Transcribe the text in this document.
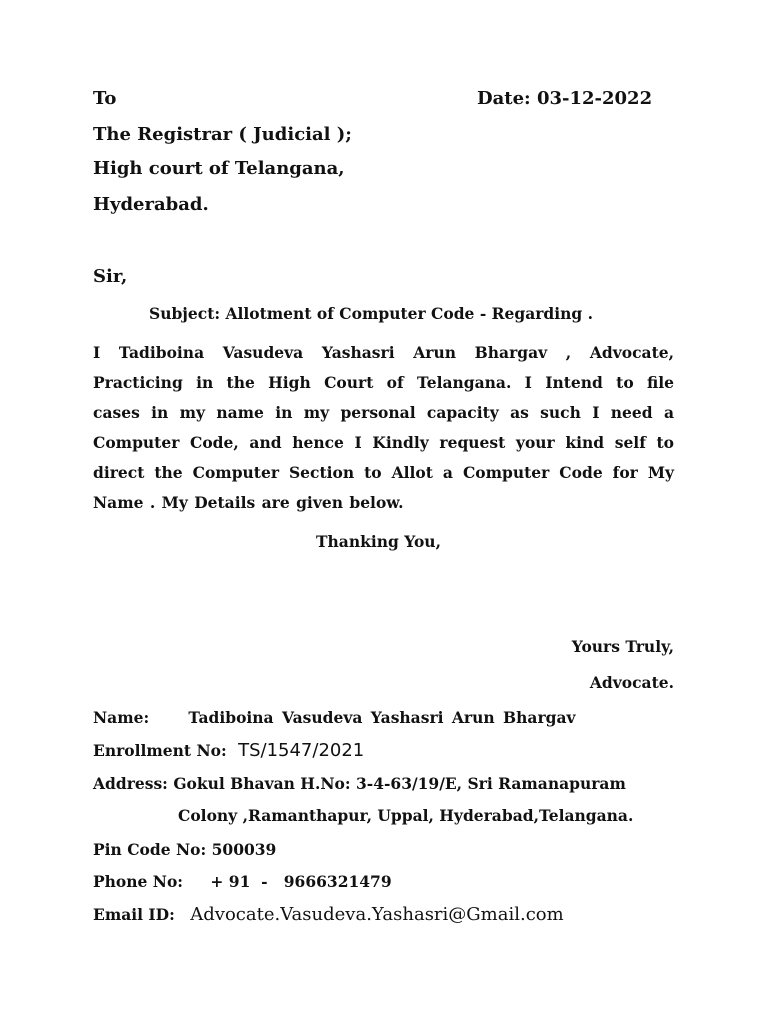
To	Date: 03-12-2022
The Registrar ( Judicial );
High court of Telangana,
Hyderabad.
Sir,
Subject: Allotment of Computer Code - Regarding .
I Tadiboina Vasudeva Yashasri Arun Bhargav , Advocate,
Practicing in the High Court of Telangana. I Intend to file
cases in my name in my personal capacity as such I need a
Computer Code, and hence I Kindly request your kind self to
direct the Computer Section to Allot a Computer Code for My
Name . My Details are given below.
Thanking You,
Yours Truly,
Advocate.
Name:	Tadiboina Vasudeva Yashasri Arun Bhargav
Enrollment No: TS/1547/2021
Address: Gokul Bhavan H.No: 3-4-63/19/E, Sri Ramanapuram
Colony ,Ramanthapur, Uppal, Hyderabad,Telangana.
Pin Code No: 500039
Phone No: + 91  -   9666321479
Email ID: Advocate.Vasudeva.Yashasri@Gmail.com
